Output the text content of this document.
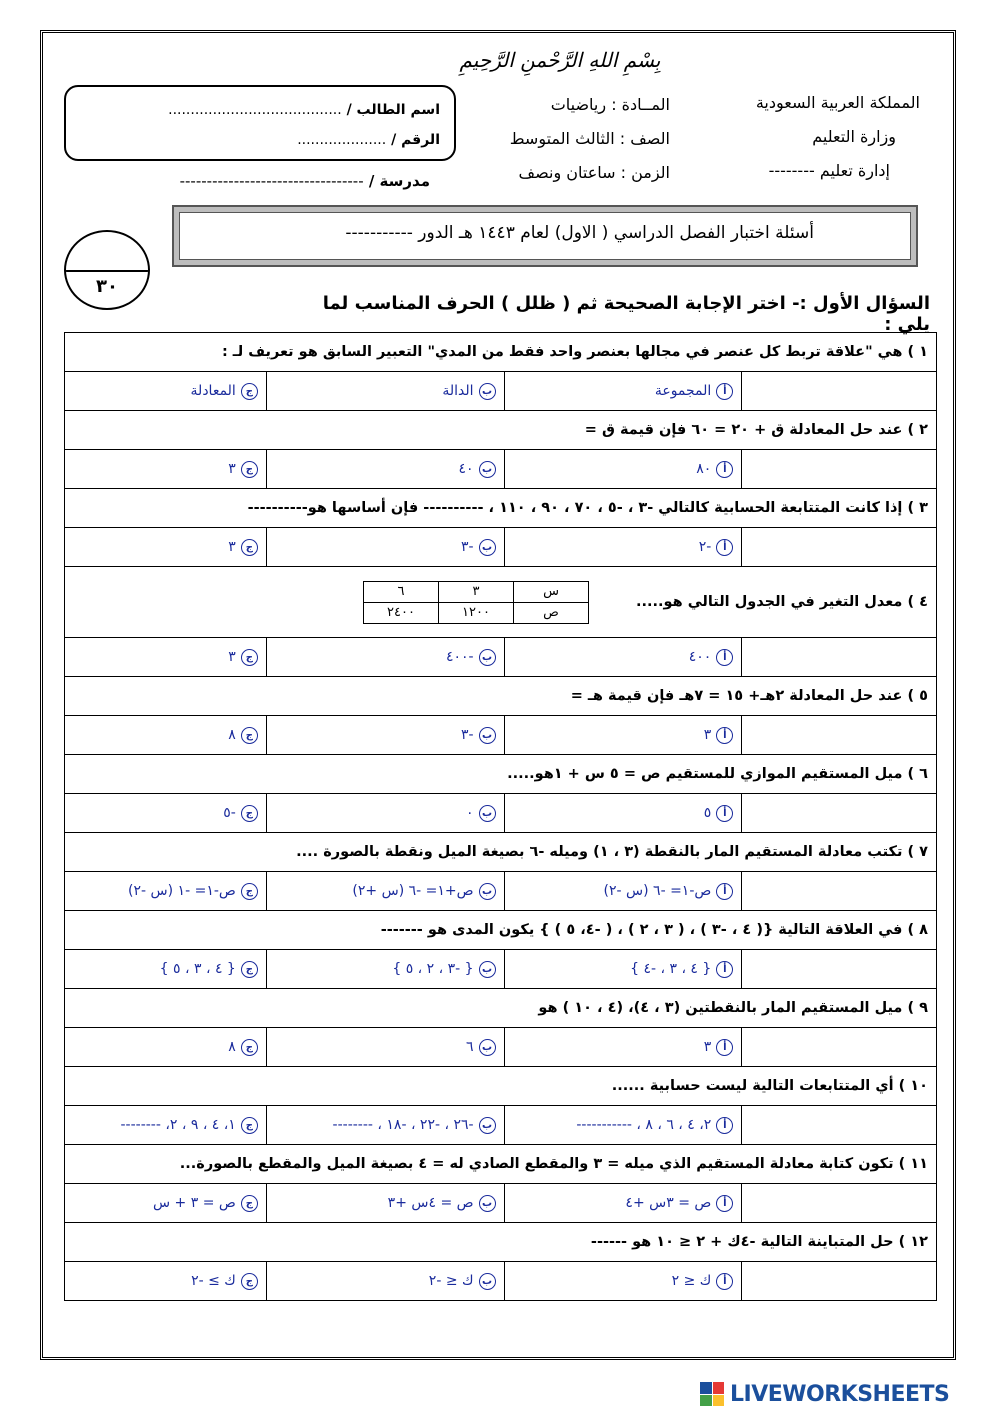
بِسْمِ اللهِ الرَّحْمنِ الرَّحِيمِ
المملكة العربية السعودية
وزارة التعليم
إدارة تعليم --------
المــادة : رياضيات
الصف : الثالث المتوسط
الزمن : ساعتان ونصف
اسم الطالب / .......................................
الرقم / ....................
مدرسة / ----------------------------------
أسئلة اختبار الفصل الدراسي ( الاول) لعام ١٤٤٣ هـ الدور -----------
٣٠
السؤال الأول :- اختر الإجابة الصحيحة ثم ( ظلل ) الحرف المناسب لما يلي :
١ ) هي "علاقة تربط كل عنصر في مجالها بعنصر واحد فقط من المدي" التعبير السابق هو تعريف لـ :

أ
المجموعة

ب
الدالة

ج
المعادلة

٢ ) عند حل المعادلة ق + ٢٠ = ٦٠ فإن قيمة ق =

أ
٨٠

ب
٤٠

ج
٣

٣ ) إذا كانت المتتابعة الحسابية كالتالي -٣ ، -٥ ، ٧٠ ، ٩٠ ، ١١٠ ، ---------- فإن أساسها هو----------

أ
-٢

ب
-٣

ج
٣

٤ ) معدل التغير في الجدول التالي هو.....
س	٣	٦
ص	١٢٠٠	٢٤٠٠

أ
٤٠٠

ب
-٤٠٠

ج
٣

٥ ) عند حل المعادلة ٢هـ+ ١٥ = ٧هـ فإن قيمة هـ =

أ
٣

ب
-٣

ج
٨

٦ ) ميل المستقيم الموازي للمستقيم ص = ٥ س + ١هو.....

أ
٥

ب
٠

ج
-٥

٧ ) تكتب معادلة المستقيم المار بالنقطة (٣ ، ١) وميله -٦ بصيغة الميل ونقطة بالصورة ....

أ
ص-١= -٦ (س -٢)

ب
ص+١= -٦ (س +٢)

ج
ص-١= -١ (س -٢)

٨ ) في العلاقة التالية {( ٤ ، -٣ ) ، ( ٣ ، ٢ ) ، ( -٤، ٥ ) } يكون المدى هو -------

أ
{ ٤ ، ٣ ، -٤ }

ب
{ -٣ ، ٢ ، ٥ }

ج
{ ٤ ، ٣ ، ٥ }

٩ ) ميل المستقيم المار بالنقطتين (٣ ، ٤)، (٤ ، ١٠ ) هو

أ
٣

ب
٦

ج
٨

١٠ ) أي المتتابعات التالية ليست حسابية ......

أ
٢، ٤ ، ٦ ، ٨ ، -----------

ب
-٢٦ ، -٢٢ ، -١٨ ، --------

ج
١، ٤ ، ٩ ، ٢، --------

١١ ) تكون كتابة معادلة المستقيم الذي ميله = ٣ والمقطع الصادي له = ٤ بصيغة الميل والمقطع بالصورة...

أ
ص = ٣س +٤

ب
ص = ٤س +٣

ج
ص = ٣ + س

١٢ ) حل المتباينة التالية -٤ك + ٢ ≤ ١٠ هو ------

أ
ك ≤ ٢

ب
ك ≤ -٢

ج
ك ≥ -٢
LIVEWORKSHEETS
